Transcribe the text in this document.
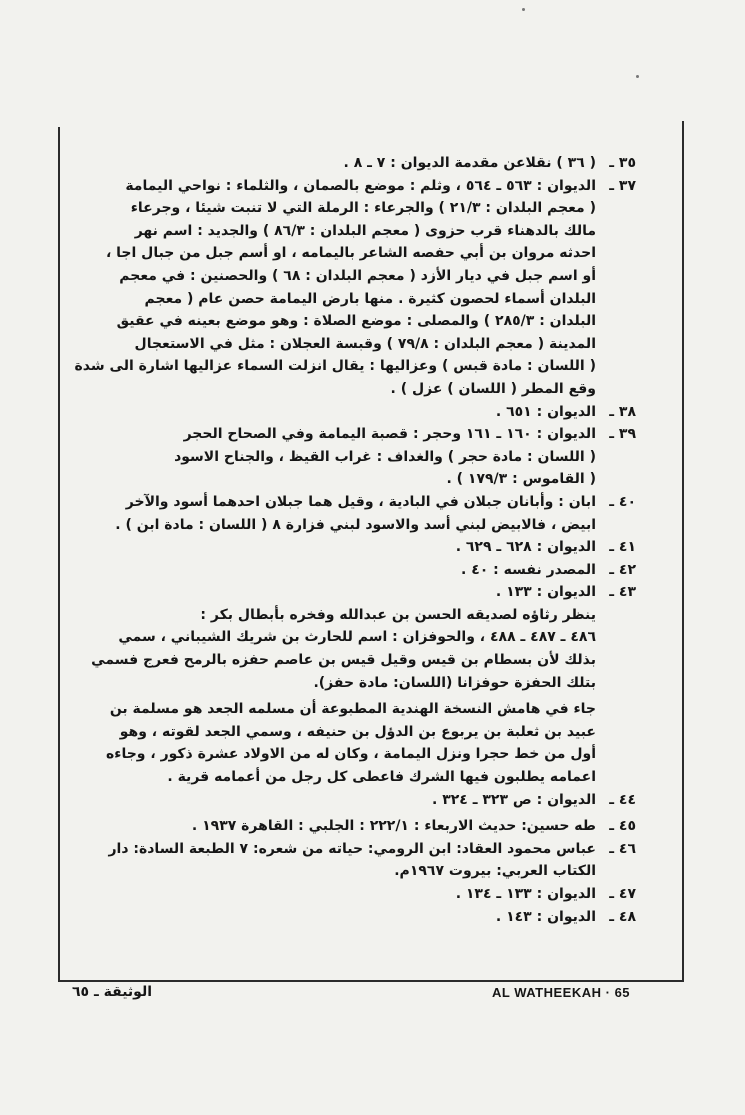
٣٥ ـ
( ٣٦ ) نقلاعن مقدمة الديوان : ٧ ـ ٨ .
٣٧ ـ
الديوان : ٥٦٣ ـ ٥٦٤ ، وثلم : موضع بالصمان ، والثلماء : نواحي اليمامة
( معجم البلدان : ٢١/٣ ) والجرعاء : الرملة التي لا تنبت شيئا ، وجرعاء
مالك بالدهناء قرب حزوى ( معجم البلدان : ٨٦/٣ ) والجديد : اسم نهر
احدثه مروان بن أبي حفصه الشاعر باليمامه ، او أسم جبل من جبال اجا ،
أو اسم جبل في ديار الأزد ( معجم البلدان : ٦٨ ) والحصنين : في معجم
البلدان أسماء لحصون كثيرة . منها بارض اليمامة حصن عام ( معجم
البلدان : ٢٨٥/٣ ) والمصلى : موضع الصلاة : وهو موضع بعينه في عقيق
المدينة ( معجم البلدان : ٧٩/٨ ) وقبسة العجلان : مثل في الاستعجال
( اللسان : مادة قبس ) وعزاليها : يقال انزلت السماء عزاليها اشارة الى شدة
وقع المطر ( اللسان ) عزل ) .
٣٨ ـ
الديوان : ٦٥١ .
٣٩ ـ
الديوان : ١٦٠ ـ ١٦١ وحجر : قصبة اليمامة وفي الصحاح الحجر
( اللسان : مادة حجر ) والغداف : غراب القيظ ، والجناح الاسود
( القاموس : ١٧٩/٣ ) .
٤٠ ـ
ابان : وأبانان جبلان في البادية ، وقيل هما جبلان احدهما أسود والآخر
ابيض ، فالابيض لبني أسد والاسود لبني فزارة ٨ ( اللسان : مادة ابن ) .
٤١ ـ
الديوان : ٦٢٨ ـ ٦٢٩ .
٤٢ ـ
المصدر نفسه : ٤٠ .
٤٣ ـ
الديوان : ١٣٣ .
ينظر رثاؤه لصديقه الحسن بن عبدالله وفخره بأبطال بكر :
٤٨٦ ـ ٤٨٧ ـ ٤٨٨ ، والحوفزان : اسم للحارث بن شريك الشيباني ، سمي
بذلك لأن بسطام بن قيس وقيل قيس بن عاصم حفزه بالرمح فعرج فسمي
بتلك الحفزة حوفزانا (اللسان: مادة حفز).
جاء في هامش النسخة الهندية المطبوعة أن مسلمه الجعد هو مسلمة بن
عبيد بن ثعلبة بن يربوع بن الدؤل بن حنيفه ، وسمي الجعد لقوته ، وهو
أول من خط حجرا ونزل اليمامة ، وكان له من الاولاد عشرة ذكور ، وجاءه
اعمامه يطلبون فيها الشرك فاعطى كل رجل من أعمامه قرية .
٤٤ ـ
الديوان : ص ٣٢٣ ـ ٣٢٤ .
٤٥ ـ
طه حسين: حديث الاربعاء : ٢٢٢/١ : الجلبي : القاهرة ١٩٣٧ .
٤٦ ـ
عباس محمود العقاد: ابن الرومي: حياته من شعره: ٧ الطبعة السادة: دار
الكتاب العربي: بيروت ١٩٦٧م.
٤٧ ـ
الديوان : ١٣٣ ـ ١٣٤ .
٤٨ ـ
الديوان : ١٤٣ .
الوثيقة ـ ٦٥	AL WATHEEKAH · 65
